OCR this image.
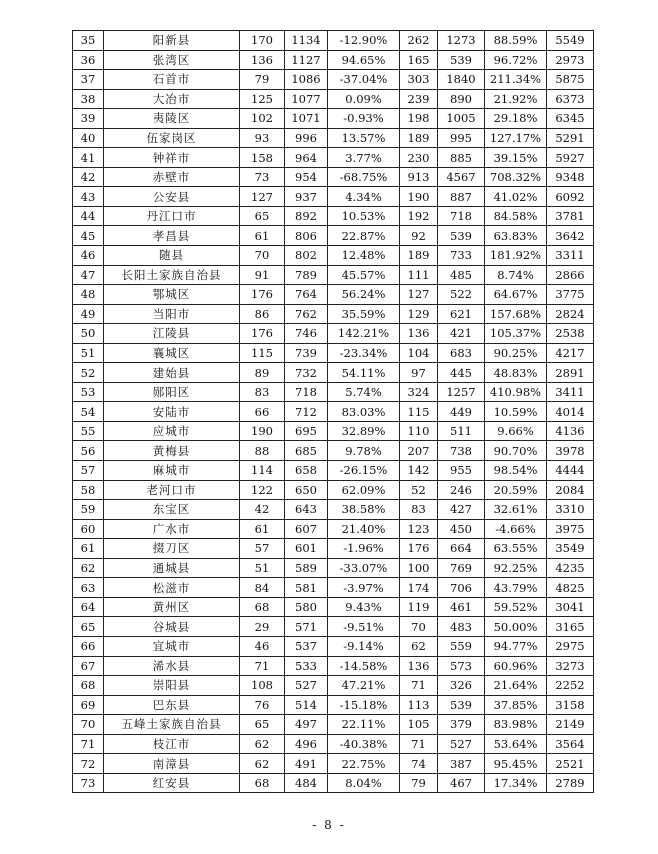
35	阳新县	170	1134	-12.90%	262	1273	88.59%	5549
36	张湾区	136	1127	94.65%	165	539	96.72%	2973
37	石首市	79	1086	-37.04%	303	1840	211.34%	5875
38	大冶市	125	1077	0.09%	239	890	21.92%	6373
39	夷陵区	102	1071	-0.93%	198	1005	29.18%	6345
40	伍家岗区	93	996	13.57%	189	995	127.17%	5291
41	钟祥市	158	964	3.77%	230	885	39.15%	5927
42	赤壁市	73	954	-68.75%	913	4567	708.32%	9348
43	公安县	127	937	4.34%	190	887	41.02%	6092
44	丹江口市	65	892	10.53%	192	718	84.58%	3781
45	孝昌县	61	806	22.87%	92	539	63.83%	3642
46	随县	70	802	12.48%	189	733	181.92%	3311
47	长阳土家族自治县	91	789	45.57%	111	485	8.74%	2866
48	鄂城区	176	764	56.24%	127	522	64.67%	3775
49	当阳市	86	762	35.59%	129	621	157.68%	2824
50	江陵县	176	746	142.21%	136	421	105.37%	2538
51	襄城区	115	739	-23.34%	104	683	90.25%	4217
52	建始县	89	732	54.11%	97	445	48.83%	2891
53	郧阳区	83	718	5.74%	324	1257	410.98%	3411
54	安陆市	66	712	83.03%	115	449	10.59%	4014
55	应城市	190	695	32.89%	110	511	9.66%	4136
56	黄梅县	88	685	9.78%	207	738	90.70%	3978
57	麻城市	114	658	-26.15%	142	955	98.54%	4444
58	老河口市	122	650	62.09%	52	246	20.59%	2084
59	东宝区	42	643	38.58%	83	427	32.61%	3310
60	广水市	61	607	21.40%	123	450	-4.66%	3975
61	掇刀区	57	601	-1.96%	176	664	63.55%	3549
62	通城县	51	589	-33.07%	100	769	92.25%	4235
63	松滋市	84	581	-3.97%	174	706	43.79%	4825
64	黄州区	68	580	9.43%	119	461	59.52%	3041
65	谷城县	29	571	-9.51%	70	483	50.00%	3165
66	宜城市	46	537	-9.14%	62	559	94.77%	2975
67	浠水县	71	533	-14.58%	136	573	60.96%	3273
68	崇阳县	108	527	47.21%	71	326	21.64%	2252
69	巴东县	76	514	-15.18%	113	539	37.85%	3158
70	五峰土家族自治县	65	497	22.11%	105	379	83.98%	2149
71	枝江市	62	496	-40.38%	71	527	53.64%	3564
72	南漳县	62	491	22.75%	74	387	95.45%	2521
73	红安县	68	484	8.04%	79	467	17.34%	2789
- 8 -
